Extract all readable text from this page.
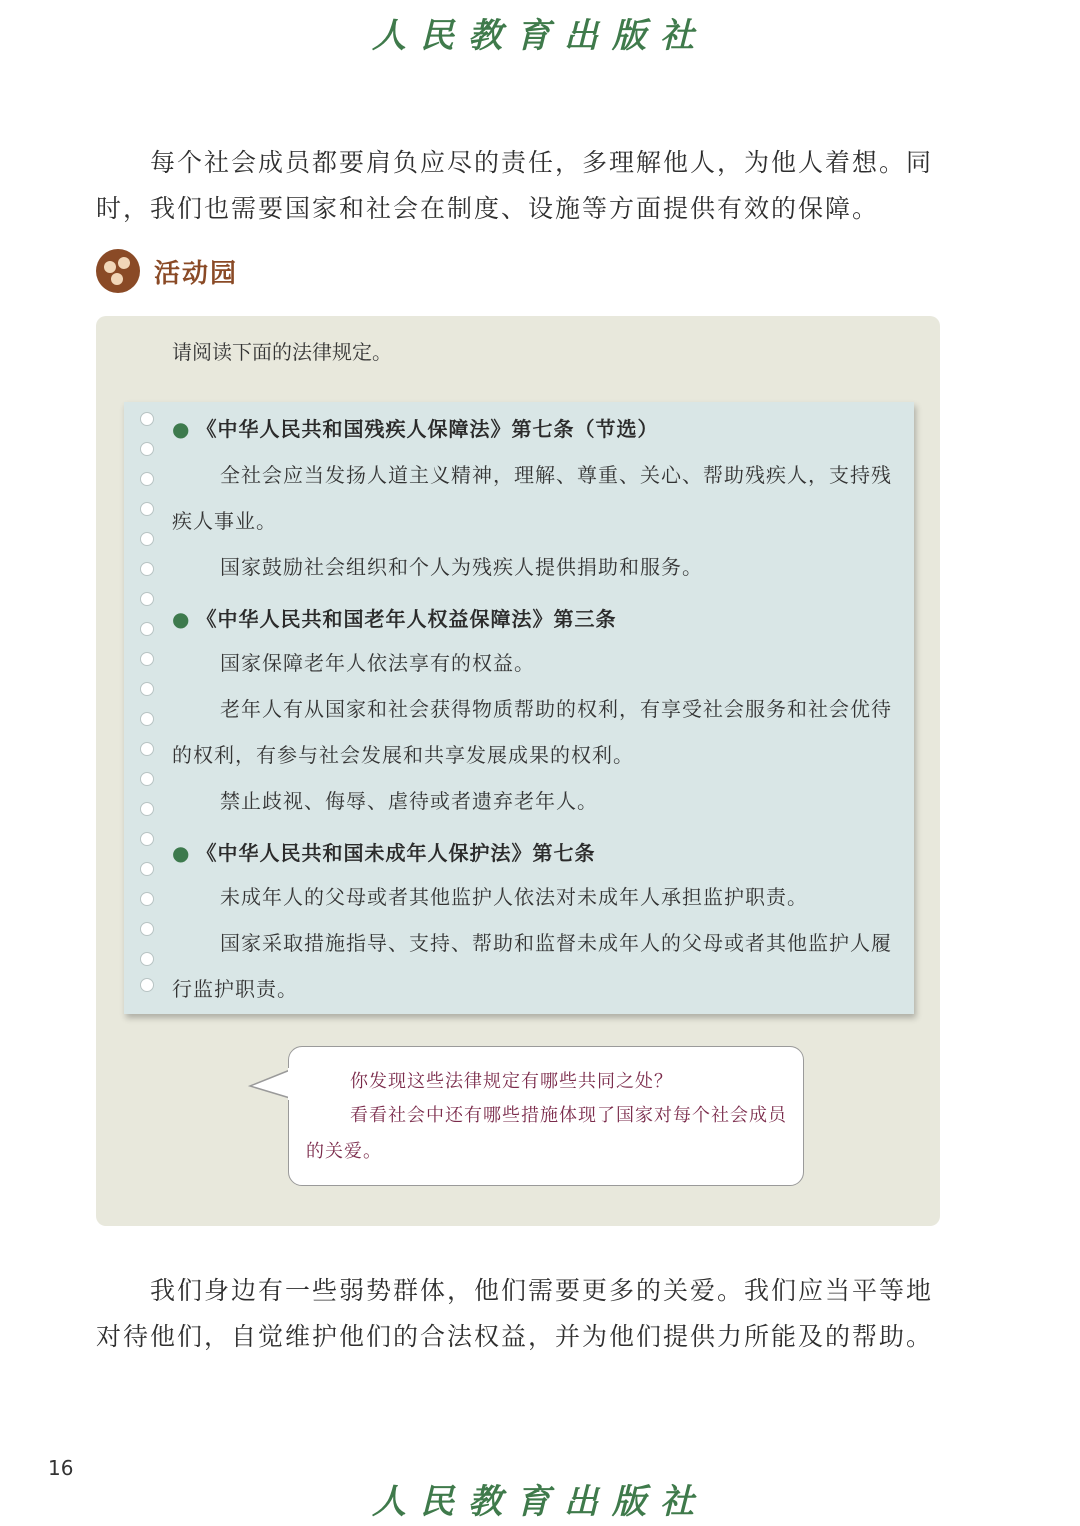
人民教育出版社

每个社会成员都要肩负应尽的责任，多理解他人，为他人着想。同时，我们也需要国家和社会在制度、设施等方面提供有效的保障。

活动园
请阅读下面的法律规定。

● 《中华人民共和国残疾人保障法》第七条（节选）

全社会应当发扬人道主义精神，理解、尊重、关心、帮助残疾人，支持残疾人事业。

国家鼓励社会组织和个人为残疾人提供捐助和服务。

● 《中华人民共和国老年人权益保障法》第三条

国家保障老年人依法享有的权益。

老年人有从国家和社会获得物质帮助的权利，有享受社会服务和社会优待的权利，有参与社会发展和共享发展成果的权利。

禁止歧视、侮辱、虐待或者遗弃老年人。

● 《中华人民共和国未成年人保护法》第七条

未成年人的父母或者其他监护人依法对未成年人承担监护职责。

国家采取措施指导、支持、帮助和监督未成年人的父母或者其他监护人履行监护职责。

你发现这些法律规定有哪些共同之处？

看看社会中还有哪些措施体现了国家对每个社会成员的关爱。

我们身边有一些弱势群体，他们需要更多的关爱。我们应当平等地对待他们，自觉维护他们的合法权益，并为他们提供力所能及的帮助。

16
人民教育出版社
